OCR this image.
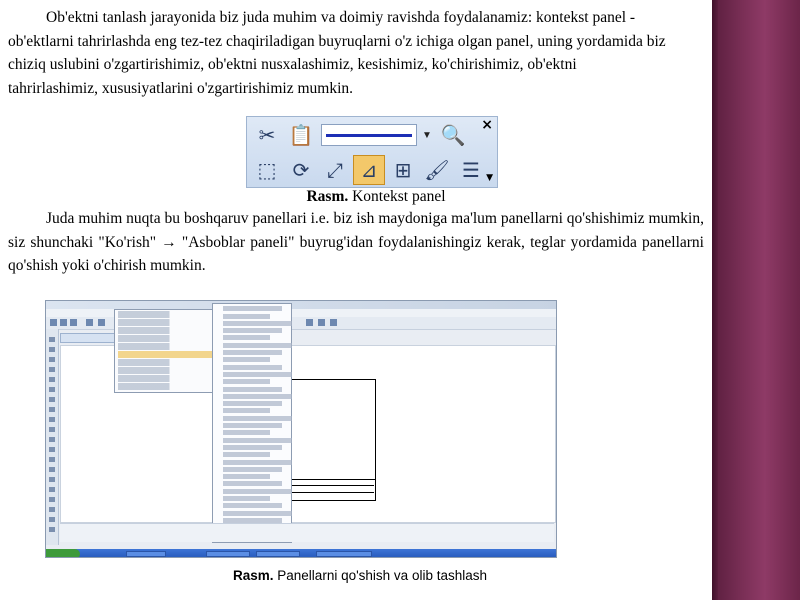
Ob'ektni tanlash jarayonida biz juda muhim va doimiy ravishda foydalanamiz: kontekst panel - ob'ektlarni tahrirlashda eng tez-tez chaqiriladigan buyruqlarni o'z ichiga olgan panel, uning yordamida biz chiziq uslubini o'zgartirishimiz, ob'ektni nusxalashimiz, kesishimiz, ko'chirishimiz, ob'ektni tahrirlashimiz, xususiyatlarini o'zgartirishimiz mumkin.

✂ 📋	▼ 🔍 ×
⬚ ⟳ ⤢ ⊿ ⊞ 🖌 ☰ ▼
Rasm. Kontekst panel

Juda muhim nuqta bu boshqaruv panellari i.e. biz ish maydoniga ma'lum panellarni qo'shishimiz mumkin, siz shunchaki "Ko'rish" → "Asboblar paneli" buyrug'idan foydalanishingiz kerak, teglar yordamida panellarni qo'shish yoki o'chirish mumkin.

Rasm. Panellarni qo'shish va olib tashlash
